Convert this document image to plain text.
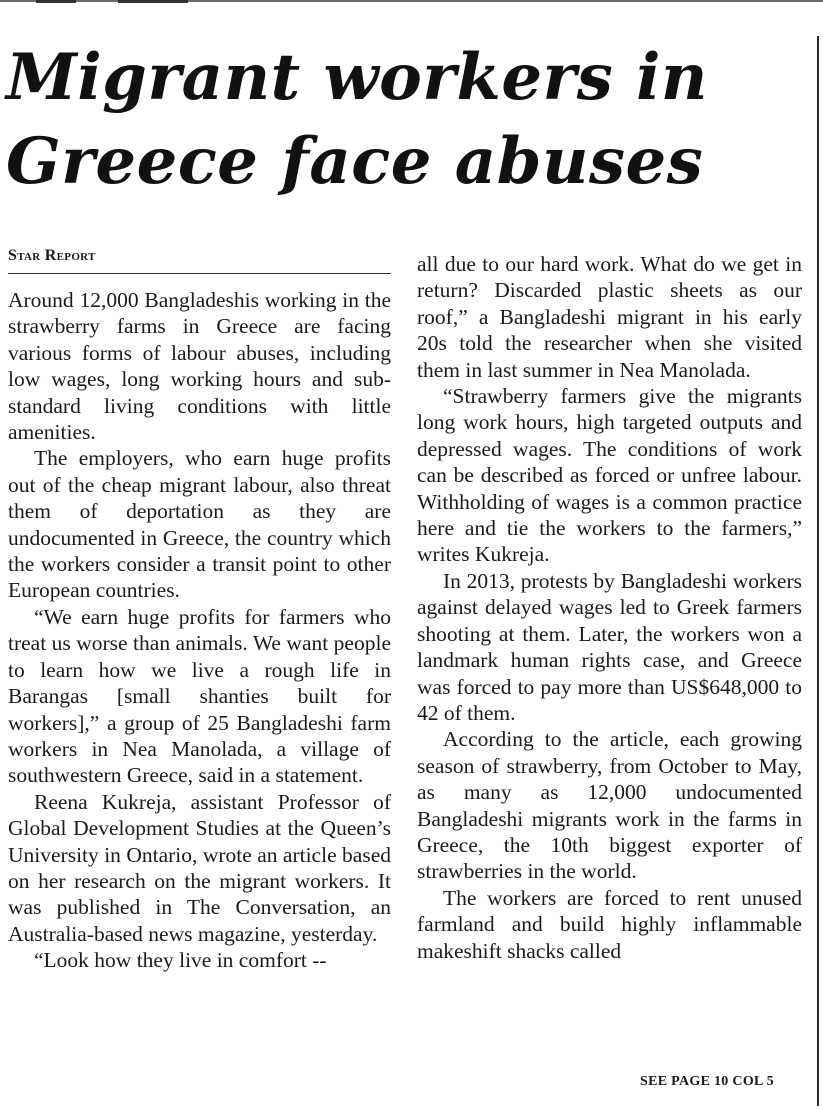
Migrant workers in Greece face abuses
Star Report

Around 12,000 Bangladeshis working in the strawberry farms in Greece are facing various forms of labour abuses, including low wages, long working hours and sub-standard living conditions with little amenities.

The employers, who earn huge profits out of the cheap migrant labour, also threat them of deportation as they are undocumented in Greece, the country which the workers consider a transit point to other European countries.

“We earn huge profits for farmers who treat us worse than animals. We want people to learn how we live a rough life in Barangas [small shanties built for workers],” a group of 25 Bangladeshi farm workers in Nea Manolada, a village of southwestern Greece, said in a statement.

Reena Kukreja, assistant Professor of Global Development Studies at the Queen’s University in Ontario, wrote an article based on her research on the migrant workers. It was published in The Conversation, an Australia-based news magazine, yesterday.

“Look how they live in comfort --

all due to our hard work. What do we get in return? Discarded plastic sheets as our roof,” a Bangladeshi migrant in his early 20s told the researcher when she visited them in last summer in Nea Manolada.

“Strawberry farmers give the migrants long work hours, high targeted outputs and depressed wages. The conditions of work can be described as forced or unfree labour. Withholding of wages is a common practice here and tie the workers to the farmers,” writes Kukreja.

In 2013, protests by Bangladeshi workers against delayed wages led to Greek farmers shooting at them. Later, the workers won a landmark human rights case, and Greece was forced to pay more than US$648,000 to 42 of them.

According to the article, each growing season of strawberry, from October to May, as many as 12,000 undocumented Bangladeshi migrants work in the farms in Greece, the 10th biggest exporter of strawberries in the world.

The workers are forced to rent unused farmland and build highly inflammable makeshift shacks called

SEE PAGE 10 COL 5
